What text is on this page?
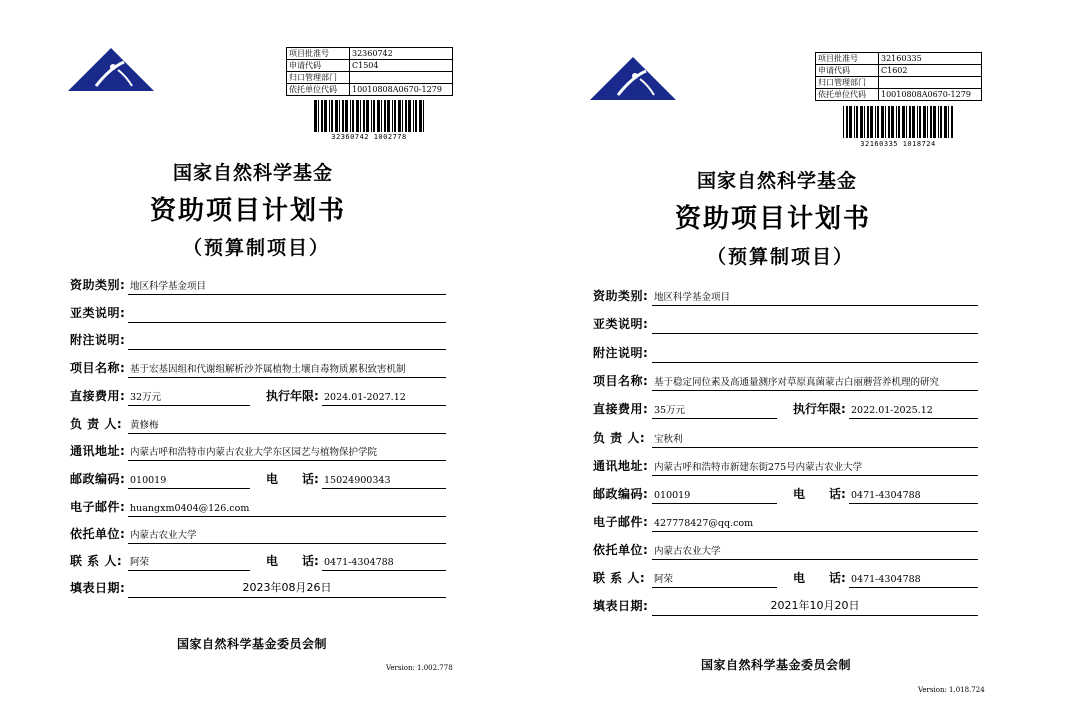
项目批准号	32360742
申请代码	C1504
归口管理部门	
依托单位代码	10010808A0670-1279
32360742 1002778
国家自然科学基金
资助项目计划书
（预算制项目）
资助类别: 地区科学基金项目
亚类说明:
附注说明:
项目名称: 基于宏基因组和代谢组解析沙芥属植物土壤自毒物质累积致害机制
直接费用: 32万元	执行年限: 2024.01-2027.12
负 责 人: 黄修梅
通讯地址: 内蒙古呼和浩特市内蒙古农业大学东区园艺与植物保护学院
邮政编码: 010019	电　　话: 15024900343
电子邮件: huangxm0404@126.com
依托单位: 内蒙古农业大学
联 系 人: 阿荣	电　　话: 0471-4304788
填表日期:	2023年08月26日
国家自然科学基金委员会制
Version: 1.002.778
项目批准号	32160335
申请代码	C1602
归口管理部门	
依托单位代码	10010808A0670-1279
32160335 1018724
国家自然科学基金
资助项目计划书
（预算制项目）
资助类别: 地区科学基金项目
亚类说明:
附注说明:
项目名称: 基于稳定同位素及高通量测序对草原真菌蒙古白丽蘑营养机理的研究
直接费用: 35万元	执行年限: 2022.01-2025.12
负 责 人: 宝秋利
通讯地址: 内蒙古呼和浩特市新建东街275号内蒙古农业大学
邮政编码: 010019	电　　话: 0471-4304788
电子邮件: 427778427@qq.com
依托单位: 内蒙古农业大学
联 系 人: 阿荣	电　　话: 0471-4304788
填表日期:	2021年10月20日
国家自然科学基金委员会制
Version: 1.018.724
